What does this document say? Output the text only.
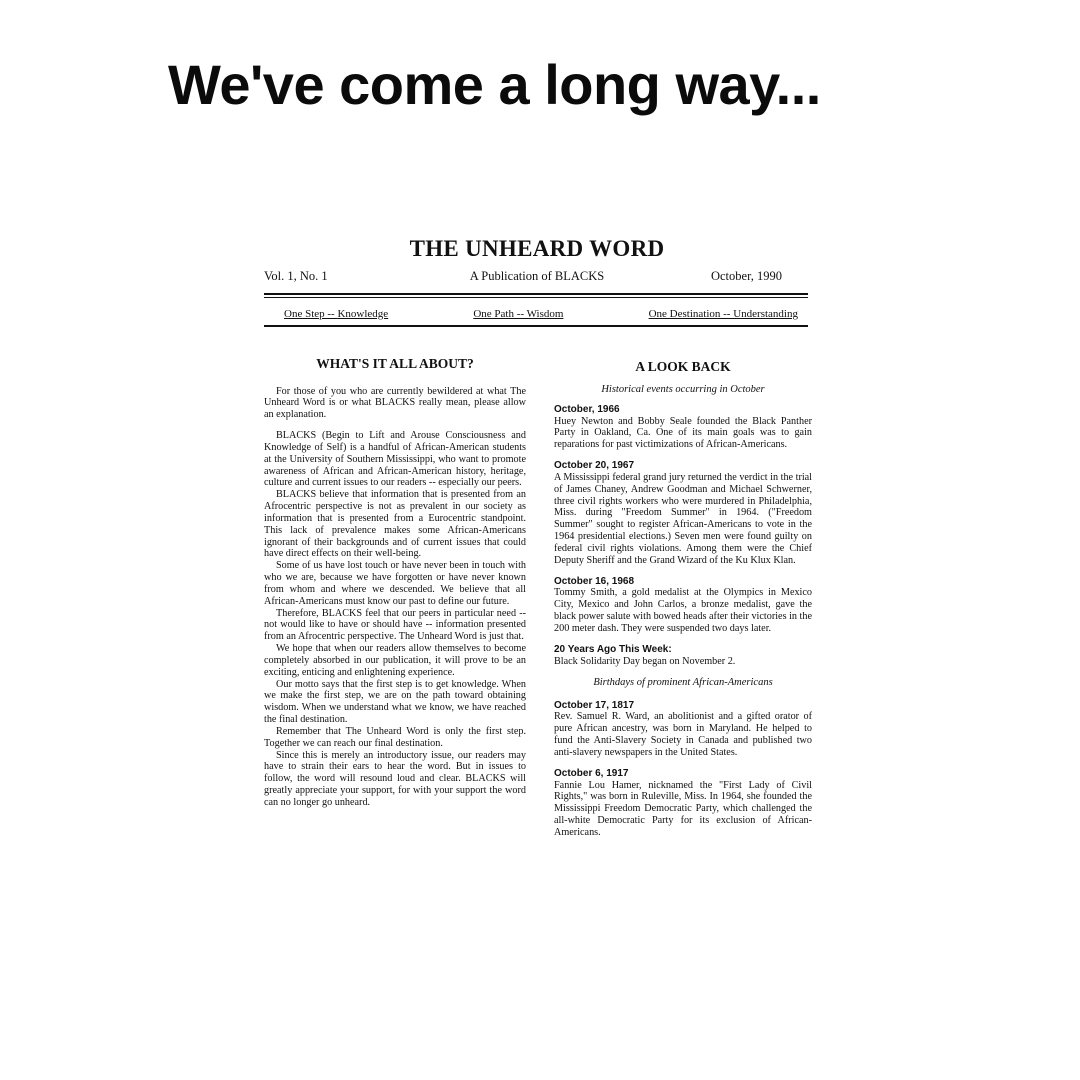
We've come a long way...
THE UNHEARD WORD
Vol. 1, No. 1	A Publication of BLACKS	October, 1990
One Step -- Knowledge	One Path -- Wisdom	One Destination -- Understanding
WHAT'S IT ALL ABOUT?

For those of you who are currently bewildered at what The Unheard Word is or what BLACKS really mean, please allow an explanation.

BLACKS (Begin to Lift and Arouse Consciousness and Knowledge of Self) is a handful of African-American students at the University of Southern Mississippi, who want to promote awareness of African and African-American history, heritage, culture and current issues to our readers -- especially our peers.

BLACKS believe that information that is presented from an Afrocentric perspective is not as prevalent in our society as information that is presented from a Eurocentric standpoint. This lack of prevalence makes some African-Americans ignorant of their backgrounds and of current issues that could have direct effects on their well-being.

Some of us have lost touch or have never been in touch with who we are, because we have forgotten or have never known from whom and where we descended. We believe that all African-Americans must know our past to define our future.

Therefore, BLACKS feel that our peers in particular need -- not would like to have or should have -- information presented from an Afrocentric perspective. The Unheard Word is just that.

We hope that when our readers allow themselves to become completely absorbed in our publication, it will prove to be an exciting, enticing and enlightening experience.

Our motto says that the first step is to get knowledge. When we make the first step, we are on the path toward obtaining wisdom. When we understand what we know, we have reached the final destination.

Remember that The Unheard Word is only the first step. Together we can reach our final destination.

Since this is merely an introductory issue, our readers may have to strain their ears to hear the word. But in issues to follow, the word will resound loud and clear. BLACKS will greatly appreciate your support, for with your support the word can no longer go unheard.

A LOOK BACK
Historical events occurring in October
October, 1966
Huey Newton and Bobby Seale founded the Black Panther Party in Oakland, Ca. One of its main goals was to gain reparations for past victimizations of African-Americans.
October 20, 1967
A Mississippi federal grand jury returned the verdict in the trial of James Chaney, Andrew Goodman and Michael Schwerner, three civil rights workers who were murdered in Philadelphia, Miss. during "Freedom Summer" in 1964. ("Freedom Summer" sought to register African-Americans to vote in the 1964 presidential elections.) Seven men were found guilty on federal civil rights violations. Among them were the Chief Deputy Sheriff and the Grand Wizard of the Ku Klux Klan.
October 16, 1968
Tommy Smith, a gold medalist at the Olympics in Mexico City, Mexico and John Carlos, a bronze medalist, gave the black power salute with bowed heads after their victories in the 200 meter dash. They were suspended two days later.
20 Years Ago This Week:
Black Solidarity Day began on November 2.
Birthdays of prominent African-Americans
October 17, 1817
Rev. Samuel R. Ward, an abolitionist and a gifted orator of pure African ancestry, was born in Maryland. He helped to fund the Anti-Slavery Society in Canada and published two anti-slavery newspapers in the United States.
October 6, 1917
Fannie Lou Hamer, nicknamed the "First Lady of Civil Rights," was born in Ruleville, Miss. In 1964, she founded the Mississippi Freedom Democratic Party, which challenged the all-white Democratic Party for its exclusion of African-Americans.
